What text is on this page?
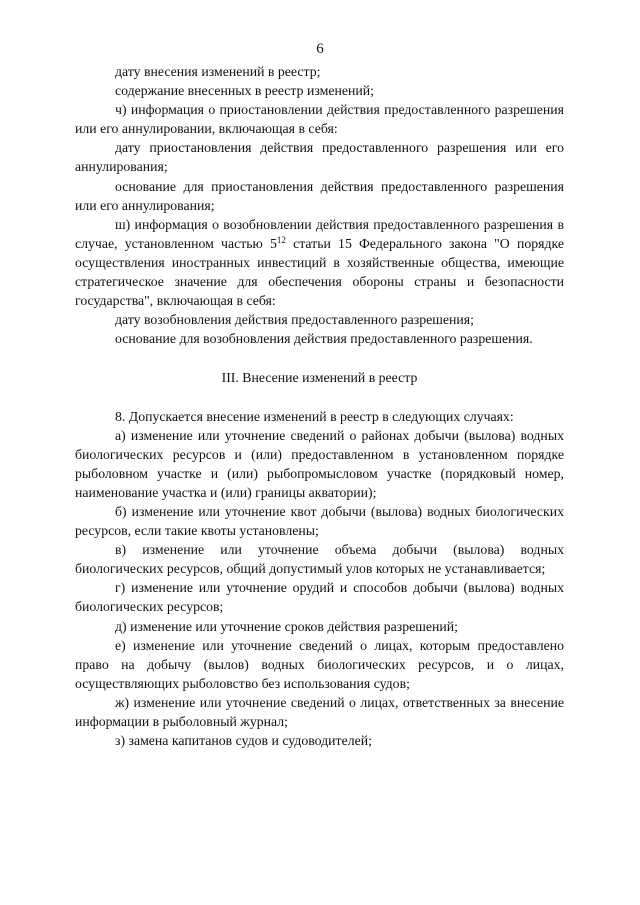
6

дату внесения изменений в реестр;

содержание внесенных в реестр изменений;

ч) информация о приостановлении действия предоставленного разрешения или его аннулировании, включающая в себя:

дату приостановления действия предоставленного разрешения или его аннулирования;

основание для приостановления действия предоставленного разрешения или его аннулирования;

ш) информация о возобновлении действия предоставленного разрешения в случае, установленном частью $5^{12}$ статьи 15 Федерального закона "О порядке осуществления иностранных инвестиций в хозяйственные общества, имеющие стратегическое значение для обеспечения обороны страны и безопасности государства", включающая в себя:

дату возобновления действия предоставленного разрешения;

основание для возобновления действия предоставленного разрешения.

III. Внесение изменений в реестр

8. Допускается внесение изменений в реестр в следующих случаях:

а) изменение или уточнение сведений о районах добычи (вылова) водных биологических ресурсов и (или) предоставленном в установленном порядке рыболовном участке и (или) рыбопромысловом участке (порядковый номер, наименование участка и (или) границы акватории);

б) изменение или уточнение квот добычи (вылова) водных биологических ресурсов, если такие квоты установлены;

в) изменение или уточнение объема добычи (вылова) водных биологических ресурсов, общий допустимый улов которых не устанавливается;

г) изменение или уточнение орудий и способов добычи (вылова) водных биологических ресурсов;

д) изменение или уточнение сроков действия разрешений;

е) изменение или уточнение сведений о лицах, которым предоставлено право на добычу (вылов) водных биологических ресурсов, и о лицах, осуществляющих рыболовство без использования судов;

ж) изменение или уточнение сведений о лицах, ответственных за внесение информации в рыболовный журнал;

з) замена капитанов судов и судоводителей;
